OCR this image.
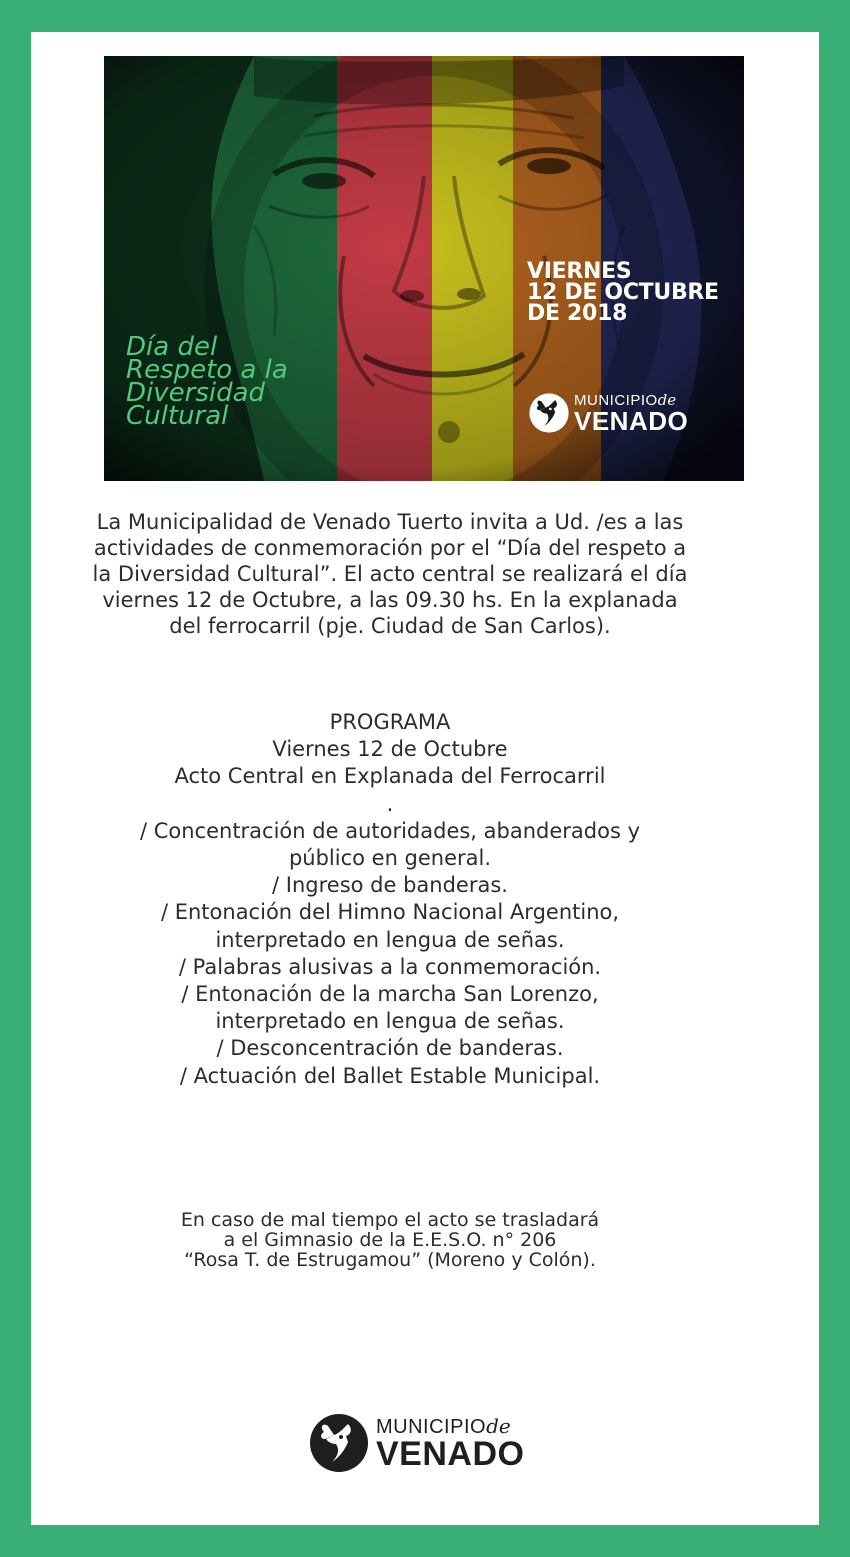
Día del
Respeto a la
Diversidad
Cultural
VIERNES
12 DE OCTUBRE
DE 2018
MUNICIPIO de
VENADO
La Municipalidad de Venado Tuerto invita a Ud. /es a las
actividades de conmemoración por el “Día del respeto a
la Diversidad Cultural”. El acto central se realizará el día
viernes 12 de Octubre, a las 09.30 hs. En la explanada
del ferrocarril (pje. Ciudad de San Carlos).
PROGRAMA
Viernes 12 de Octubre
Acto Central en Explanada del Ferrocarril
.
/ Concentración de autoridades, abanderados y
público en general.
/ Ingreso de banderas.
/ Entonación del Himno Nacional Argentino,
interpretado en lengua de señas.
/ Palabras alusivas a la conmemoración.
/ Entonación de la marcha San Lorenzo,
interpretado en lengua de señas.
/ Desconcentración de banderas.
/ Actuación del Ballet Estable Municipal.
En caso de mal tiempo el acto se trasladará
a el Gimnasio de la E.E.S.O. n° 206
“Rosa T. de Estrugamou” (Moreno y Colón).
MUNICIPIO de
VENADO
